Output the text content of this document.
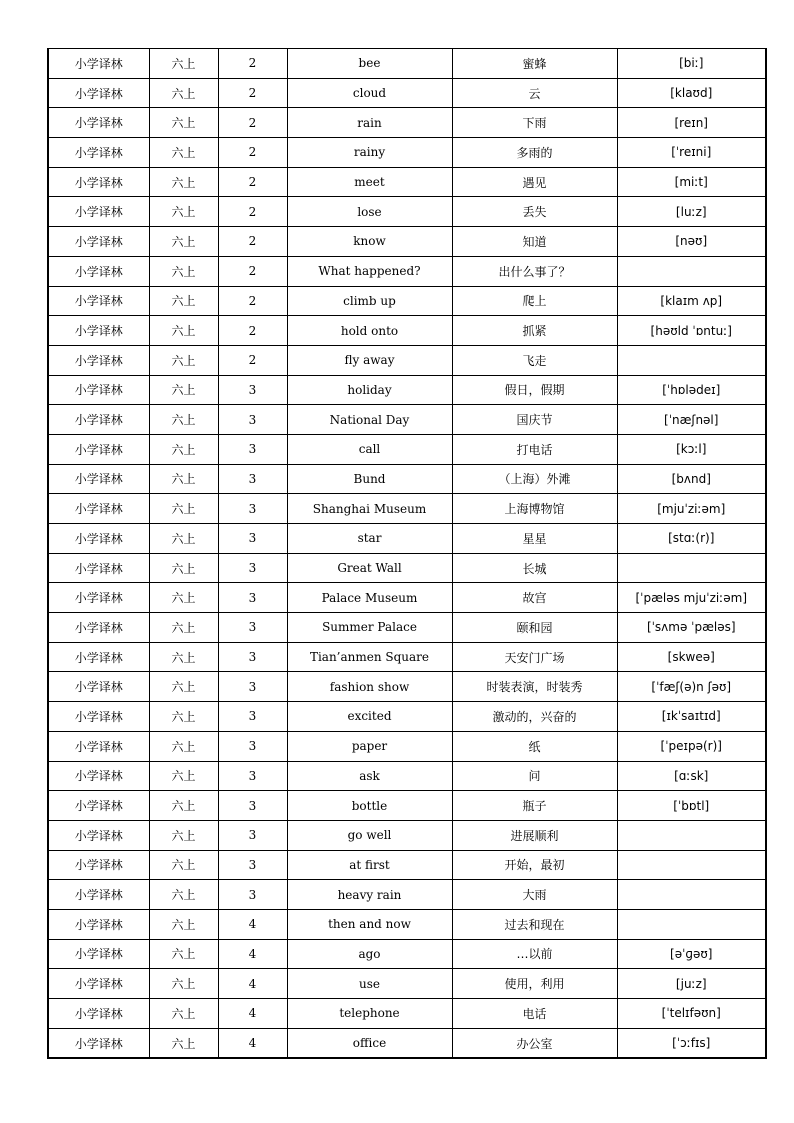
小学译林	六上	2	bee	蜜蜂	[biː]
小学译林	六上	2	cloud	云	[klaʊd]
小学译林	六上	2	rain	下雨	[reɪn]
小学译林	六上	2	rainy	多雨的	[ˈreɪni]
小学译林	六上	2	meet	遇见	[miːt]
小学译林	六上	2	lose	丢失	[luːz]
小学译林	六上	2	know	知道	[nəʊ]
小学译林	六上	2	What happened?	出什么事了？	
小学译林	六上	2	climb up	爬上	[klaɪm ʌp]
小学译林	六上	2	hold onto	抓紧	[həʊld ˈɒntuː]
小学译林	六上	2	fly away	飞走	
小学译林	六上	3	holiday	假日，假期	[ˈhɒlədeɪ]
小学译林	六上	3	National Day	国庆节	[ˈnæʃnəl]
小学译林	六上	3	call	打电话	[kɔːl]
小学译林	六上	3	Bund	（上海）外滩	[bʌnd]
小学译林	六上	3	Shanghai Museum	上海博物馆	[mjuˈziːəm]
小学译林	六上	3	star	星星	[stɑː(r)]
小学译林	六上	3	Great Wall	长城	
小学译林	六上	3	Palace Museum	故宫	[ˈpæləs mjuˈziːəm]
小学译林	六上	3	Summer Palace	颐和园	[ˈsʌmə ˈpæləs]
小学译林	六上	3	Tian’anmen Square	天安门广场	[skweə]
小学译林	六上	3	fashion show	时装表演，时装秀	[ˈfæʃ(ə)n ʃəʊ]
小学译林	六上	3	excited	激动的，兴奋的	[ɪkˈsaɪtɪd]
小学译林	六上	3	paper	纸	[ˈpeɪpə(r)]
小学译林	六上	3	ask	问	[ɑːsk]
小学译林	六上	3	bottle	瓶子	[ˈbɒtl]
小学译林	六上	3	go well	进展顺利	
小学译林	六上	3	at first	开始，最初	
小学译林	六上	3	heavy rain	大雨	
小学译林	六上	4	then and now	过去和现在	
小学译林	六上	4	ago	…以前	[əˈɡəʊ]
小学译林	六上	4	use	使用，利用	[juːz]
小学译林	六上	4	telephone	电话	[ˈtelɪfəʊn]
小学译林	六上	4	office	办公室	[ˈɔːfɪs]
